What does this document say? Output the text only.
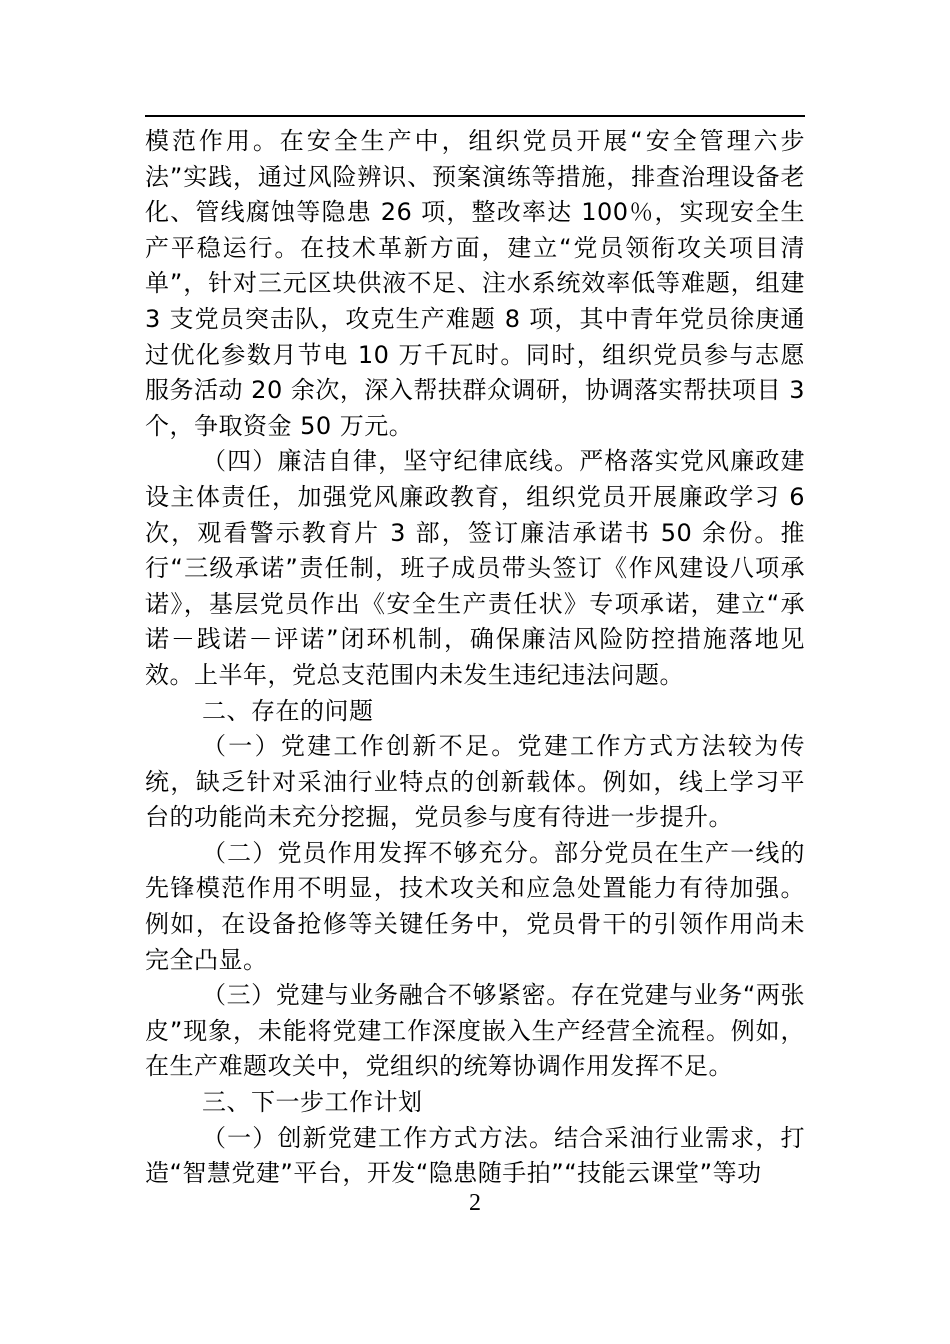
模范作用。在安全生产中，组织党员开展“安全管理六步法”实践，通过风险辨识、预案演练等措施，排查治理设备老化、管线腐蚀等隐患 26 项，整改率达 100％，实现安全生产平稳运行。在技术革新方面，建立“党员领衔攻关项目清单”，针对三元区块供液不足、注水系统效率低等难题，组建 3 支党员突击队，攻克生产难题 8 项，其中青年党员徐庚通过优化参数月节电 10 万千瓦时。同时，组织党员参与志愿服务活动 20 余次，深入帮扶群众调研，协调落实帮扶项目 3 个，争取资金 50 万元。

（四）廉洁自律，坚守纪律底线。严格落实党风廉政建设主体责任，加强党风廉政教育，组织党员开展廉政学习 6 次，观看警示教育片 3 部，签订廉洁承诺书 50 余份。推行“三级承诺”责任制，班子成员带头签订《作风建设八项承诺》，基层党员作出《安全生产责任状》专项承诺，建立“承诺－践诺－评诺”闭环机制，确保廉洁风险防控措施落地见效。上半年，党总支范围内未发生违纪违法问题。

二、存在的问题

（一）党建工作创新不足。党建工作方式方法较为传统，缺乏针对采油行业特点的创新载体。例如，线上学习平台的功能尚未充分挖掘，党员参与度有待进一步提升。

（二）党员作用发挥不够充分。部分党员在生产一线的先锋模范作用不明显，技术攻关和应急处置能力有待加强。例如，在设备抢修等关键任务中，党员骨干的引领作用尚未完全凸显。

（三）党建与业务融合不够紧密。存在党建与业务“两张皮”现象，未能将党建工作深度嵌入生产经营全流程。例如，在生产难题攻关中，党组织的统筹协调作用发挥不足。

三、下一步工作计划

（一）创新党建工作方式方法。结合采油行业需求，打造“智慧党建”平台，开发“隐患随手拍”“技能云课堂”等功

2
